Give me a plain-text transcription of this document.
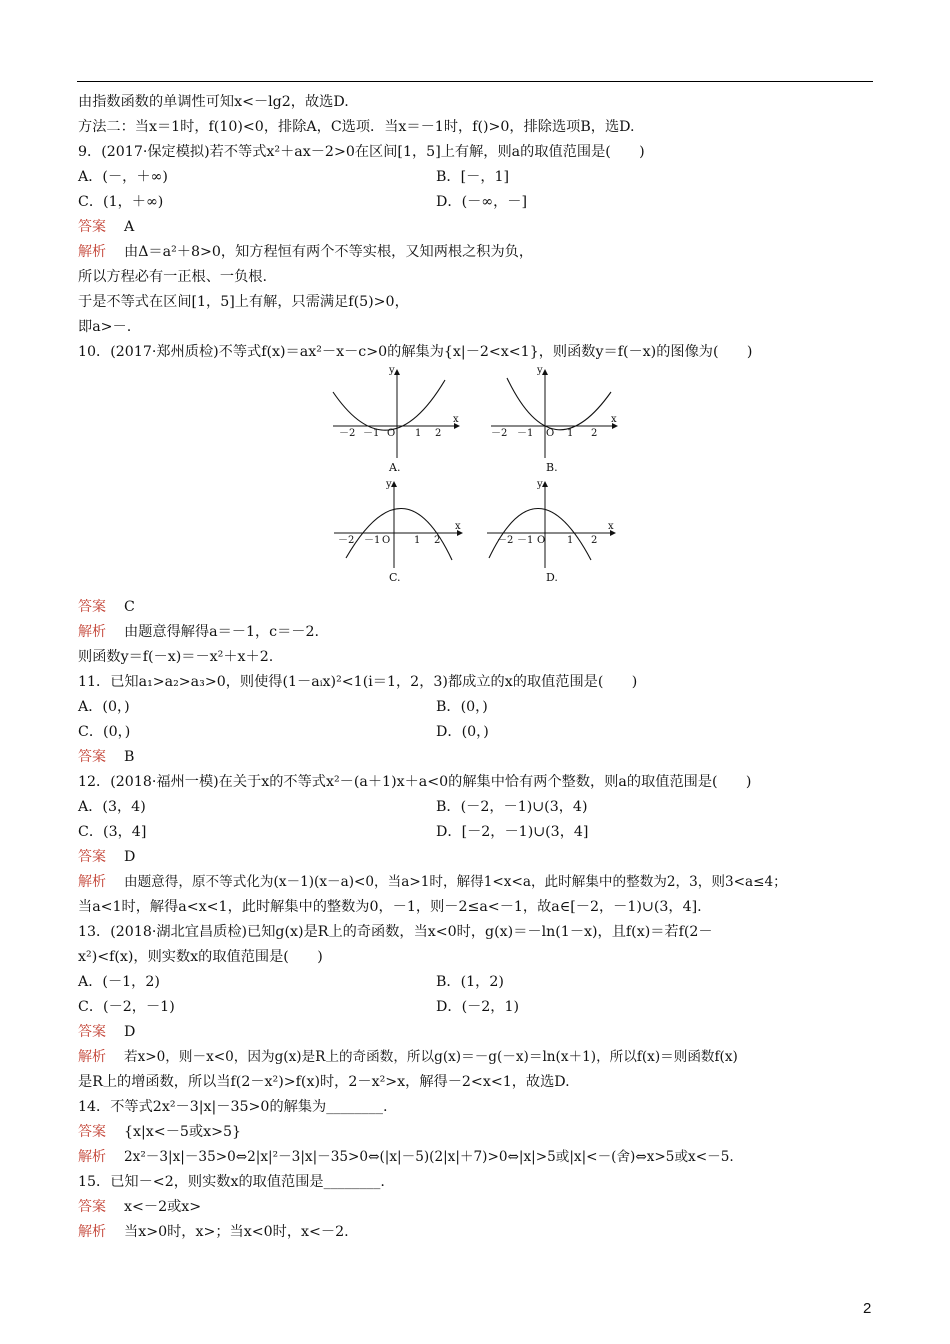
由指数函数的单调性可知x<－lg2，故选D.
方法二：当x＝1时，f(10)<0，排除A，C选项．当x＝－1时，f()>0，排除选项B，选D.
9．(2017·保定模拟)若不等式x²＋ax－2>0在区间[1，5]上有解，则a的取值范围是(　　)
A．(－，＋∞)	B．[－，1]
C．(1，＋∞)	D．(－∞，－]
答案 A
解析 由Δ＝a²＋8>0，知方程恒有两个不等实根，又知两根之积为负，
所以方程必有一正根、一负根.
于是不等式在区间[1，5]上有解，只需满足f(5)>0，
即a>－.
10．(2017·郑州质检)不等式f(x)＝ax²－x－c>0的解集为{x|－2<x<1}，则函数y＝f(－x)的图像为(　　)
y
x
O
－2 －1	1 2
A.
y
x
O
－2 －1	1 2
B.
y
x
O
－2 －1	1 2
C.
y
x
O
－2 －1	1 2
D.
答案 C
解析 由题意得解得a＝－1，c＝－2.
则函数y＝f(－x)＝－x²＋x＋2.
11．已知a₁>a₂>a₃>0，则使得(1－aᵢx)²<1(i＝1，2，3)都成立的x的取值范围是(　　)
A．(0，)	B．(0，)
C．(0，)	D．(0，)
答案 B
12．(2018·福州一模)在关于x的不等式x²－(a＋1)x＋a<0的解集中恰有两个整数，则a的取值范围是(　　)
A．(3，4)	B．(－2，－1)∪(3，4)
C．(3，4]	D．[－2，－1)∪(3，4]
答案 D
解析 由题意得，原不等式化为(x－1)(x－a)<0，当a>1时，解得1<x<a，此时解集中的整数为2，3，则3<a≤4；
当a<1时，解得a<x<1，此时解集中的整数为0，－1，则－2≤a<－1，故a∈[－2，－1)∪(3，4].
13．(2018·湖北宜昌质检)已知g(x)是R上的奇函数，当x<0时，g(x)＝－ln(1－x)，且f(x)＝若f(2－
x²)<f(x)，则实数x的取值范围是(　　)
A．(－1，2)	B．(1，2)
C．(－2，－1)	D．(－2，1)
答案 D
解析 若x>0，则－x<0，因为g(x)是R上的奇函数，所以g(x)＝－g(－x)＝ln(x＋1)，所以f(x)＝则函数f(x)
是R上的增函数，所以当f(2－x²)>f(x)时，2－x²>x，解得－2<x<1，故选D.
14．不等式2x²－3|x|－35>0的解集为________.
答案 {x|x<－5或x>5}
解析 2x²－3|x|－35>0⇔2|x|²－3|x|－35>0⇔(|x|－5)(2|x|＋7)>0⇔|x|>5或|x|<－(舍)⇔x>5或x<－5.
15．已知－<2，则实数x的取值范围是________.
答案 x<－2或x>
解析 当x>0时，x>；当x<0时，x<－2.
2
